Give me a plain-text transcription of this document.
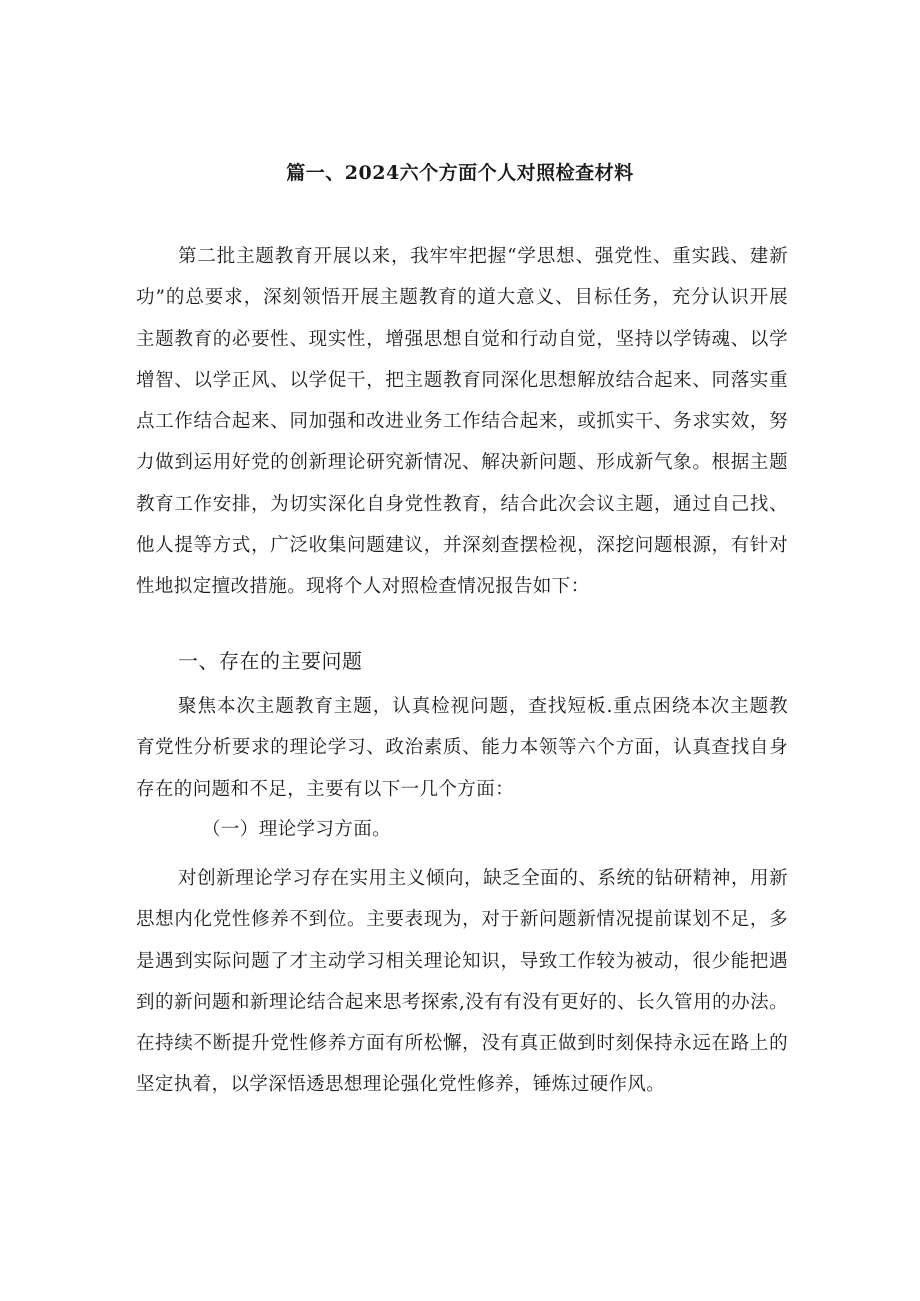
篇一、2024六个方面个人对照检查材料

第二批主题教育开展以来，我牢牢把握“学思想、强党性、重实践、建新功”的总要求，深刻领悟开展主题教育的道大意义、目标任务，充分认识开展主题教育的必要性、现实性，增强思想自觉和行动自觉，坚持以学铸魂、以学增智、以学正风、以学促干，把主题教育同深化思想解放结合起来、同落实重点工作结合起来、同加强和改进业务工作结合起来，或抓实干、务求实效，努力做到运用好党的创新理论研究新情况、解决新问题、形成新气象。根据主题教育工作安排，为切实深化自身党性教育，结合此次会议主题，通过自己找、他人提等方式，广泛收集问题建议，并深刻查摆检视，深挖问题根源，有针对性地拟定擅改措施。现将个人对照检查情况报告如下：

一、存在的主要问题

聚焦本次主题教育主题，认真检视问题，查找短板.重点困绕本次主题教育党性分析要求的理论学习、政治素质、能力本领等六个方面，认真查找自身存在的问题和不足，主要有以下一几个方面：

（一）理论学习方面。

对创新理论学习存在实用主义倾向，缺乏全面的、系统的钻研精神，用新思想内化党性修养不到位。主要表现为，对于新问题新情况提前谋划不足，多是遇到实际问题了才主动学习相关理论知识，导致工作较为被动，很少能把遇到的新问题和新理论结合起来思考探索,没有有没有更好的、长久管用的办法。在持续不断提升党性修养方面有所松懈，没有真正做到时刻保持永远在路上的坚定执着，以学深悟透思想理论强化党性修养，锤炼过硬作风。
